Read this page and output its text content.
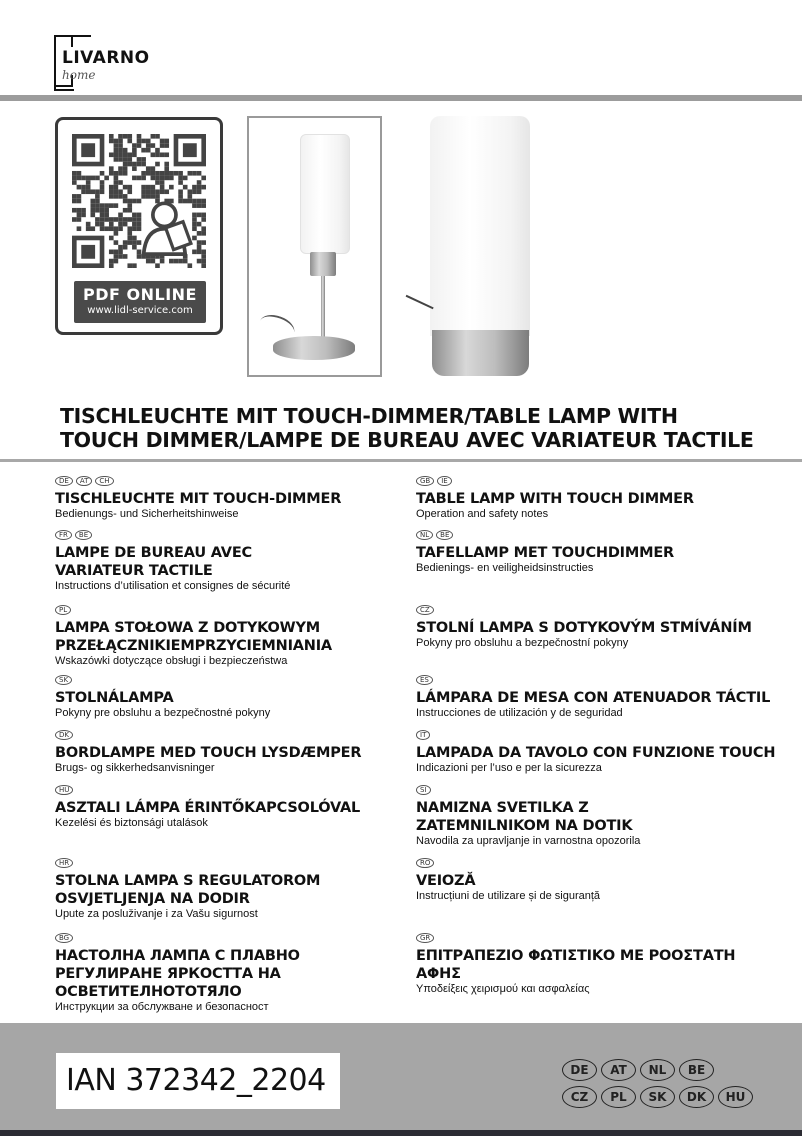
LIVARNO
home
PDF ONLINE
www.lidl-service.com
TISCHLEUCHTE MIT TOUCH-DIMMER/TABLE LAMP WITH
TOUCH DIMMER/LAMPE DE BUREAU AVEC VARIATEUR TACTILE
DE	AT	CH
TISCHLEUCHTE MIT TOUCH-DIMMER
Bedienungs- und Sicherheitshinweise
FR	BE
LAMPE DE BUREAU AVEC
VARIATEUR TACTILE
Instructions d’utilisation et consignes de sécurité
PL
LAMPA STOŁOWA Z DOTYKOWYM
PRZEŁĄCZNIKIEMPRZYCIEMNIANIA
Wskazówki dotyczące obsługi i bezpieczeństwa
SK
STOLNÁLAMPA
Pokyny pre obsluhu a bezpečnostné pokyny
DK
BORDLAMPE MED TOUCH LYSDÆMPER
Brugs- og sikkerhedsanvisninger
HU
ASZTALI LÁMPA ÉRINTŐKAPCSOLÓVAL
Kezelési és biztonsági utalások
HR
STOLNA LAMPA S REGULATOROM
OSVJETLJENJA NA DODIR
Upute za posluživanje i za Vašu sigurnost
BG
НАСТОЛНА ЛАМПА С ПЛАВНО
РЕГУЛИРАНЕ ЯРКОСТТА НА
ОСВЕТИТЕЛНОТОТЯЛО
Инструкции за обслужване и безопасност
GB	IE
TABLE LAMP WITH TOUCH DIMMER
Operation and safety notes
NL	BE
TAFELLAMP MET TOUCHDIMMER
Bedienings- en veiligheidsinstructies
CZ
STOLNÍ LAMPA S DOTYKOVÝM STMÍVÁNÍM
Pokyny pro obsluhu a bezpečnostní pokyny
ES
LÁMPARA DE MESA CON ATENUADOR TÁCTIL
Instrucciones de utilización y de seguridad
IT
LAMPADA DA TAVOLO CON FUNZIONE TOUCH
Indicazioni per l’uso e per la sicurezza
SI
NAMIZNA SVETILKA Z
ZATEMNILNIKOM NA DOTIK
Navodila za upravljanje in varnostna opozorila
RO
VEIOZĂ
Instrucțiuni de utilizare și de siguranță
GR
ΕΠΙΤΡΑΠΕΖΙΟ ΦΩΤΙΣΤΙΚΟ ΜΕ ΡΟΟΣΤΑΤΗ
ΑΦΗΣ
Υποδείξεις χειρισμού και ασφαλείας
IAN 372342_2204	DE	AT	NL	BE
CZ	PL	SK	DK	HU
